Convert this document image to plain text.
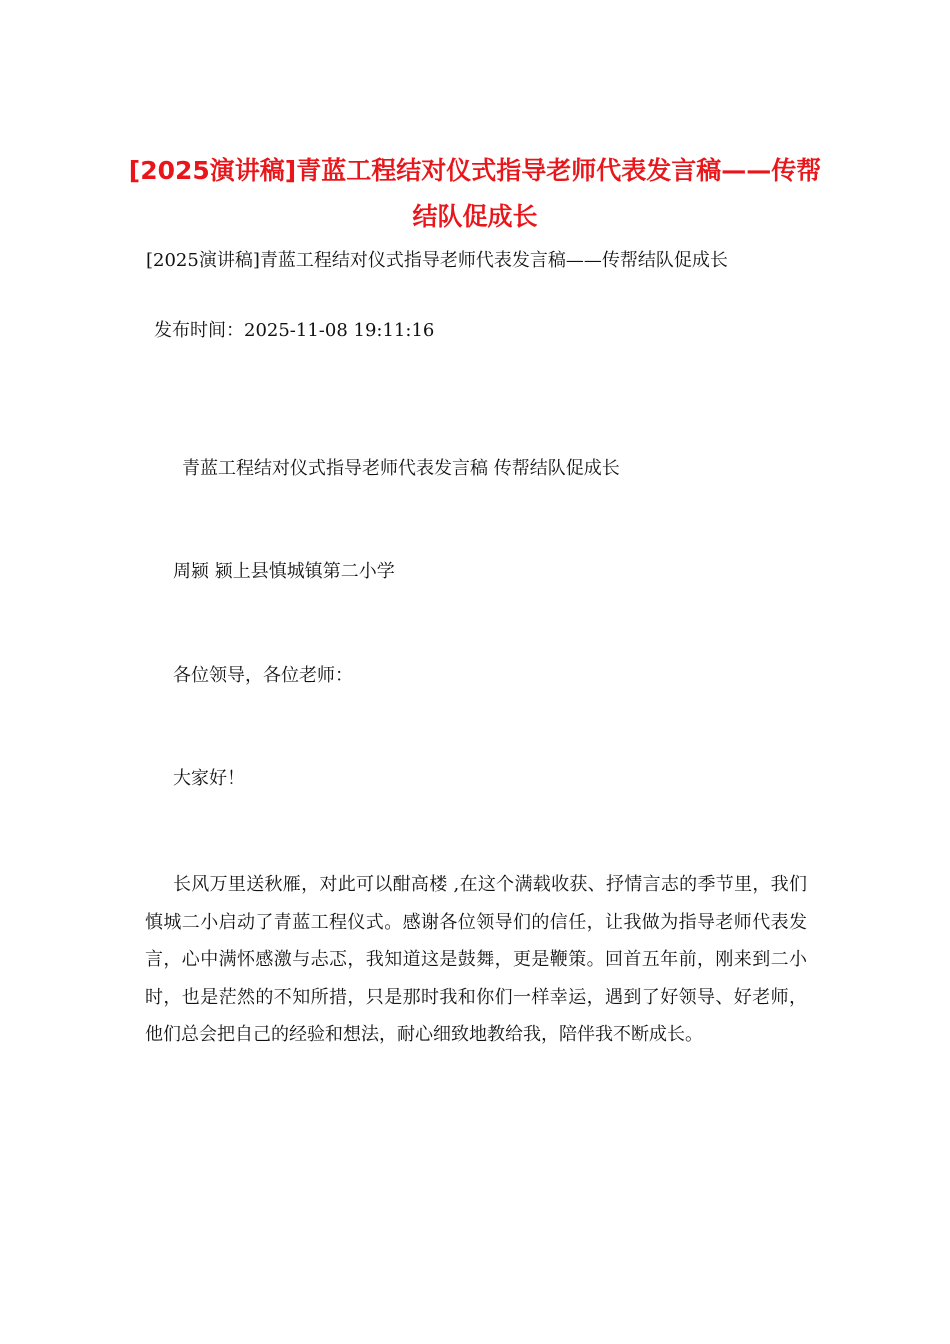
[2025演讲稿]青蓝工程结对仪式指导老师代表发言稿——传帮结队促成长
[2025演讲稿]青蓝工程结对仪式指导老师代表发言稿——传帮结队促成长
发布时间：2025-11-08 19:11:16
青蓝工程结对仪式指导老师代表发言稿 传帮结队促成长
周颍 颍上县慎城镇第二小学
各位领导，各位老师：
大家好！
长风万里送秋雁，对此可以酣高楼 ,在这个满载收获、抒情言志的季节里，我们慎城二小启动了青蓝工程仪式。感谢各位领导们的信任，让我做为指导老师代表发言，心中满怀感激与忐忑，我知道这是鼓舞，更是鞭策。回首五年前，刚来到二小时，也是茫然的不知所措，只是那时我和你们一样幸运，遇到了好领导、好老师，他们总会把自己的经验和想法，耐心细致地教给我，陪伴我不断成长。
